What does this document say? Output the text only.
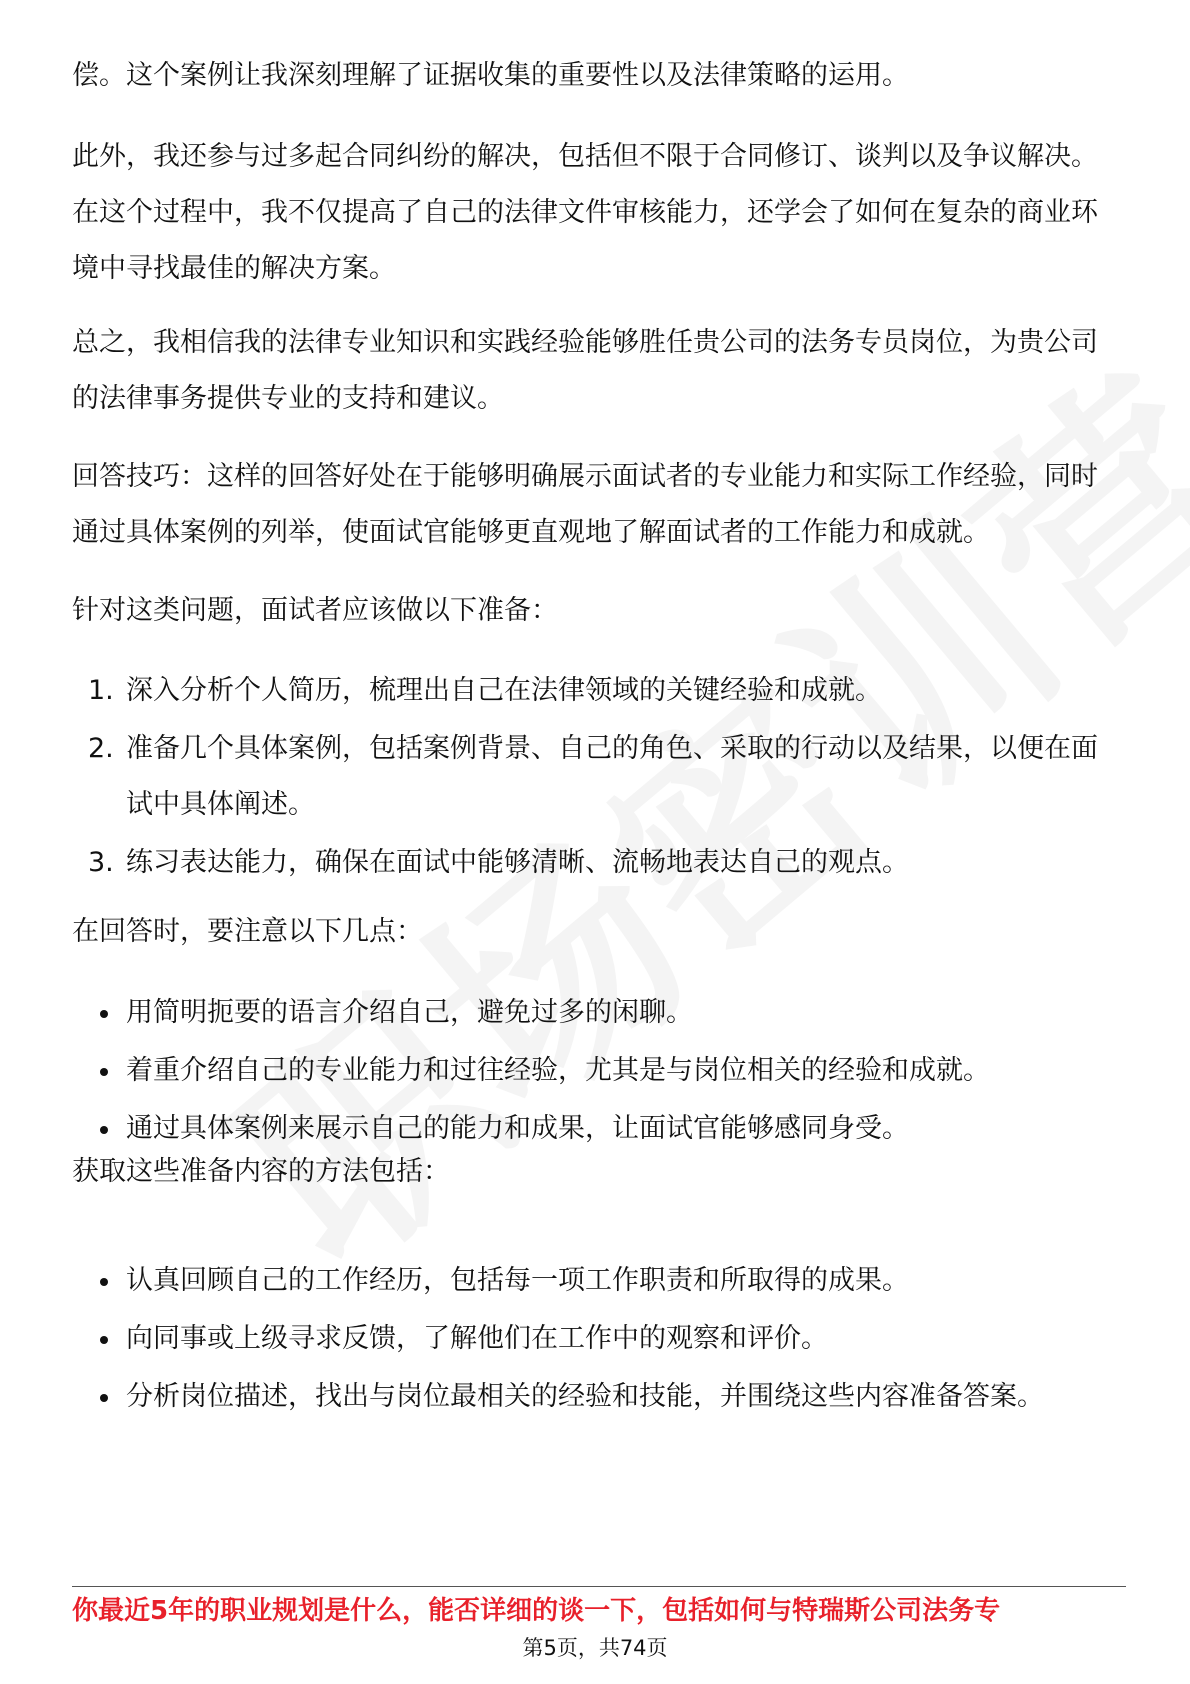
偿。这个案例让我深刻理解了证据收集的重要性以及法律策略的运用。

此外，我还参与过多起合同纠纷的解决，包括但不限于合同修订、谈判以及争议解决。在这个过程中，我不仅提高了自己的法律文件审核能力，还学会了如何在复杂的商业环境中寻找最佳的解决方案。

总之，我相信我的法律专业知识和实践经验能够胜任贵公司的法务专员岗位，为贵公司的法律事务提供专业的支持和建议。

回答技巧：这样的回答好处在于能够明确展示面试者的专业能力和实际工作经验，同时通过具体案例的列举，使面试官能够更直观地了解面试者的工作能力和成就。

针对这类问题，面试者应该做以下准备：

1. 深入分析个人简历，梳理出自己在法律领域的关键经验和成就。
2. 准备几个具体案例，包括案例背景、自己的角色、采取的行动以及结果，以便在面试中具体阐述。
3. 练习表达能力，确保在面试中能够清晰、流畅地表达自己的观点。

在回答时，要注意以下几点：

用简明扼要的语言介绍自己，避免过多的闲聊。
着重介绍自己的专业能力和过往经验，尤其是与岗位相关的经验和成就。
通过具体案例来展示自己的能力和成果，让面试官能够感同身受。

获取这些准备内容的方法包括：

认真回顾自己的工作经历，包括每一项工作职责和所取得的成果。
向同事或上级寻求反馈，了解他们在工作中的观察和评价。
分析岗位描述，找出与岗位最相关的经验和技能，并围绕这些内容准备答案。
你最近5年的职业规划是什么，能否详细的谈一下，包括如何与特瑞斯公司法务专
第5页，共74页
